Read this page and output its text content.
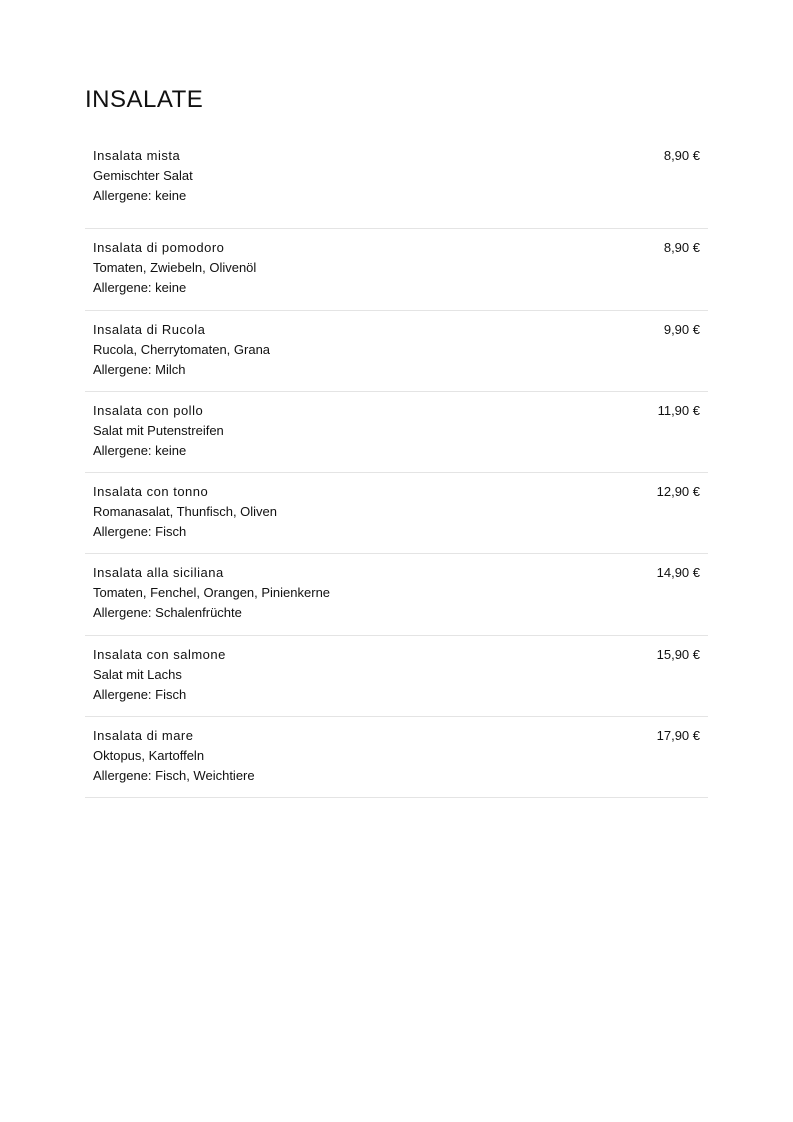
INSALATE
Insalata mista
Gemischter Salat
Allergene: keine
8,90 €
Insalata di pomodoro
Tomaten, Zwiebeln, Olivenöl
Allergene: keine
8,90 €
Insalata di Rucola
Rucola, Cherrytomaten, Grana
Allergene: Milch
9,90 €
Insalata con pollo
Salat mit Putenstreifen
Allergene: keine
11,90 €
Insalata con tonno
Romanasalat, Thunfisch, Oliven
Allergene: Fisch
12,90 €
Insalata alla siciliana
Tomaten, Fenchel, Orangen, Pinienkerne
Allergene: Schalenfrüchte
14,90 €
Insalata con salmone
Salat mit Lachs
Allergene: Fisch
15,90 €
Insalata di mare
Oktopus, Kartoffeln
Allergene: Fisch, Weichtiere
17,90 €
